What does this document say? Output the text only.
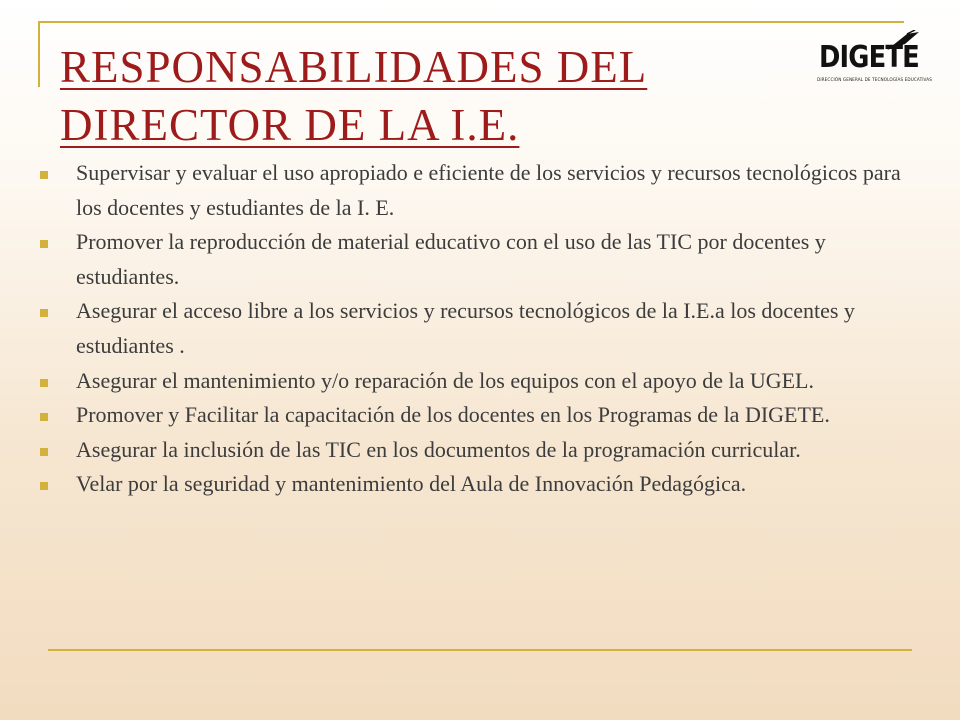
RESPONSABILIDADES DEL DIRECTOR DE LA I.E.
DIGETE
DIRECCIÓN GENERAL DE TECNOLOGÍAS EDUCATIVAS
Supervisar y evaluar el uso apropiado e eficiente de los servicios y recursos tecnológicos para los docentes y estudiantes de la I. E.
Promover la reproducción de material educativo con el uso de las TIC por docentes y estudiantes.
Asegurar el acceso libre a los servicios y recursos tecnológicos de la I.E.a los docentes y estudiantes .
Asegurar el mantenimiento y/o reparación de los equipos con el apoyo de la UGEL.
Promover y Facilitar la capacitación de los docentes en los Programas de la DIGETE.
Asegurar la inclusión de las TIC en los documentos de la programación curricular.
Velar por la seguridad y mantenimiento del Aula de Innovación Pedagógica.
